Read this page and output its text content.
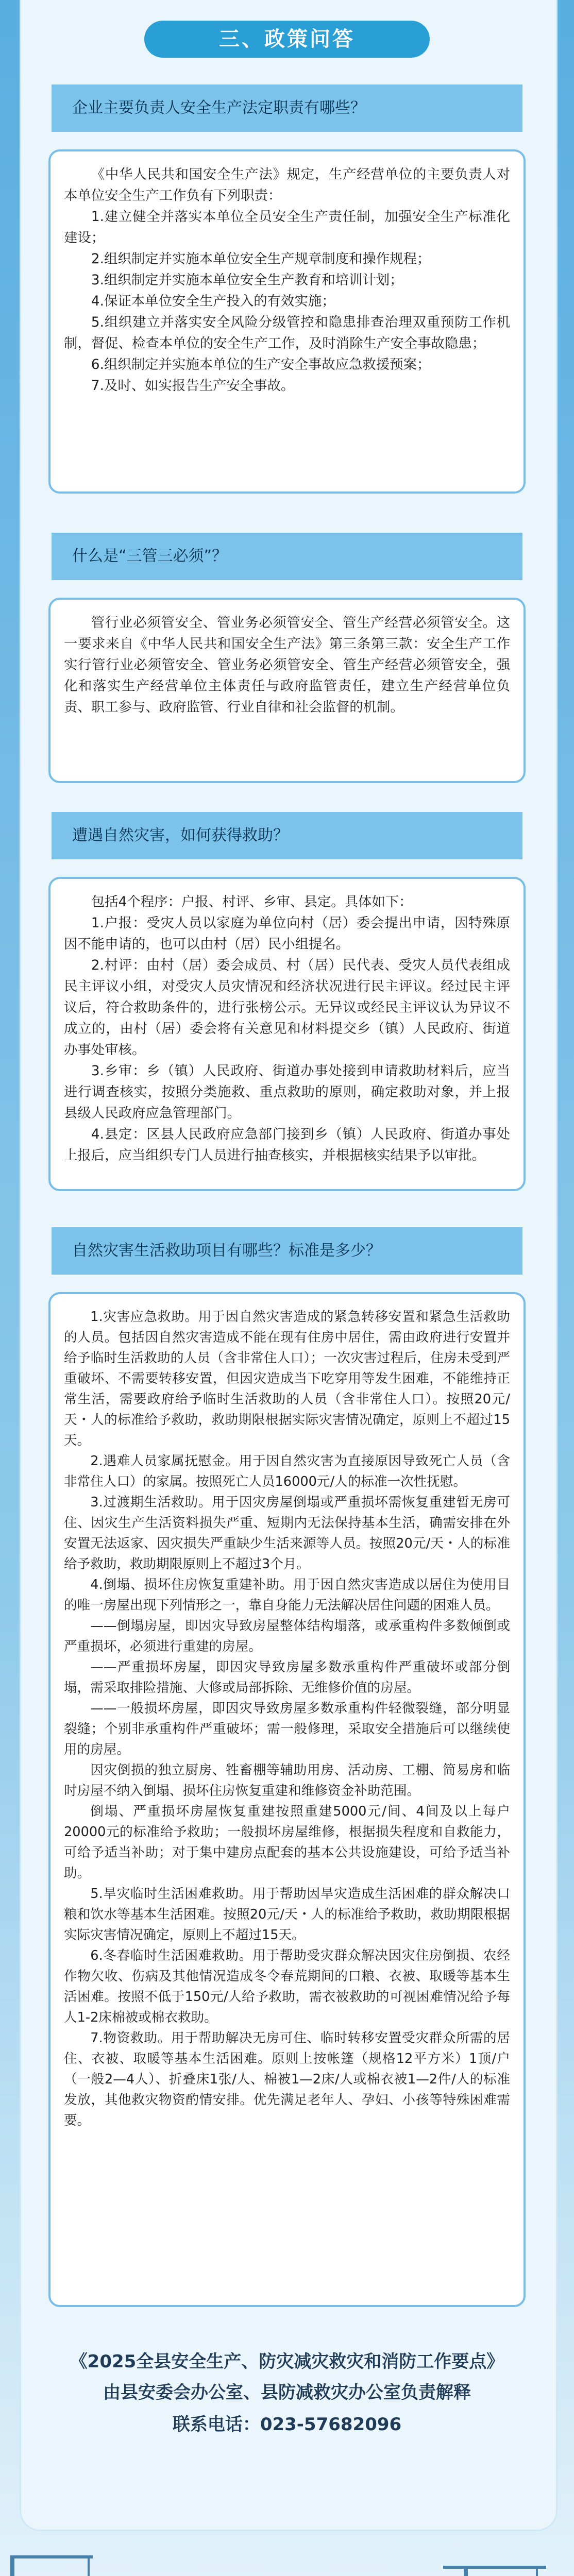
三、政策问答
企业主要负责人安全生产法定职责有哪些？

《中华人民共和国安全生产法》规定，生产经营单位的主要负责人对本单位安全生产工作负有下列职责：

1.建立健全并落实本单位全员安全生产责任制，加强安全生产标准化建设；

2.组织制定并实施本单位安全生产规章制度和操作规程；

3.组织制定并实施本单位安全生产教育和培训计划；

4.保证本单位安全生产投入的有效实施；

5.组织建立并落实安全风险分级管控和隐患排查治理双重预防工作机制，督促、检查本单位的安全生产工作，及时消除生产安全事故隐患；

6.组织制定并实施本单位的生产安全事故应急救援预案；

7.及时、如实报告生产安全事故。

什么是“三管三必须”？

管行业必须管安全、管业务必须管安全、管生产经营必须管安全。这一要求来自《中华人民共和国安全生产法》第三条第三款：安全生产工作实行管行业必须管安全、管业务必须管安全、管生产经营必须管安全，强化和落实生产经营单位主体责任与政府监管责任，建立生产经营单位负责、职工参与、政府监管、行业自律和社会监督的机制。

遭遇自然灾害，如何获得救助？

包括4个程序：户报、村评、乡审、县定。具体如下：

1.户报：受灾人员以家庭为单位向村（居）委会提出申请，因特殊原因不能申请的，也可以由村（居）民小组提名。

2.村评：由村（居）委会成员、村（居）民代表、受灾人员代表组成民主评议小组，对受灾人员灾情况和经济状况进行民主评议。经过民主评议后，符合救助条件的，进行张榜公示。无异议或经民主评议认为异议不成立的，由村（居）委会将有关意见和材料提交乡（镇）人民政府、街道办事处审核。

3.乡审：乡（镇）人民政府、街道办事处接到申请救助材料后，应当进行调查核实，按照分类施救、重点救助的原则，确定救助对象，并上报县级人民政府应急管理部门。

4.县定：区县人民政府应急部门接到乡（镇）人民政府、街道办事处上报后，应当组织专门人员进行抽查核实，并根据核实结果予以审批。

自然灾害生活救助项目有哪些？标准是多少？

1.灾害应急救助。用于因自然灾害造成的紧急转移安置和紧急生活救助的人员。包括因自然灾害造成不能在现有住房中居住，需由政府进行安置并给予临时生活救助的人员（含非常住人口）；一次灾害过程后，住房未受到严重破坏、不需要转移安置，但因灾造成当下吃穿用等发生困难，不能维持正常生活，需要政府给予临时生活救助的人员（含非常住人口）。按照20元/天・人的标准给予救助，救助期限根据实际灾害情况确定，原则上不超过15天。

2.遇难人员家属抚慰金。用于因自然灾害为直接原因导致死亡人员（含非常住人口）的家属。按照死亡人员16000元/人的标准一次性抚慰。

3.过渡期生活救助。用于因灾房屋倒塌或严重损坏需恢复重建暂无房可住、因灾生产生活资料损失严重、短期内无法保持基本生活，确需安排在外安置无法返家、因灾损失严重缺少生活来源等人员。按照20元/天・人的标准给予救助，救助期限原则上不超过3个月。

4.倒塌、损坏住房恢复重建补助。用于因自然灾害造成以居住为使用目的唯一房屋出现下列情形之一，靠自身能力无法解决居住问题的困难人员。

——倒塌房屋，即因灾导致房屋整体结构塌落，或承重构件多数倾倒或严重损坏，必须进行重建的房屋。

——严重损坏房屋，即因灾导致房屋多数承重构件严重破坏或部分倒塌，需采取排险措施、大修或局部拆除、无维修价值的房屋。

——一般损坏房屋，即因灾导致房屋多数承重构件轻微裂缝，部分明显裂缝；个别非承重构件严重破坏；需一般修理，采取安全措施后可以继续使用的房屋。

因灾倒损的独立厨房、牲畜棚等辅助用房、活动房、工棚、简易房和临时房屋不纳入倒塌、损坏住房恢复重建和维修资金补助范围。

倒塌、严重损坏房屋恢复重建按照重建5000元/间、4间及以上每户20000元的标准给予救助；一般损坏房屋维修，根据损失程度和自救能力，可给予适当补助；对于集中建房点配套的基本公共设施建设，可给予适当补助。

5.旱灾临时生活困难救助。用于帮助因旱灾造成生活困难的群众解决口粮和饮水等基本生活困难。按照20元/天・人的标准给予救助，救助期限根据实际灾害情况确定，原则上不超过15天。

6.冬春临时生活困难救助。用于帮助受灾群众解决因灾住房倒损、农经作物欠收、伤病及其他情况造成冬令春荒期间的口粮、衣被、取暖等基本生活困难。按照不低于150元/人给予救助，需衣被救助的可视困难情况给予每人1-2床棉被或棉衣救助。

7.物资救助。用于帮助解决无房可住、临时转移安置受灾群众所需的居住、衣被、取暖等基本生活困难。原则上按帐篷（规格12平方米）1顶/户（一般2—4人）、折叠床1张/人、棉被1—2床/人或棉衣被1—2件/人的标准发放，其他救灾物资酌情安排。优先满足老年人、孕妇、小孩等特殊困难需要。

《2025全县安全生产、防灾减灾救灾和消防工作要点》
由县安委会办公室、县防减救灾办公室负责解释
联系电话：023-57682096
